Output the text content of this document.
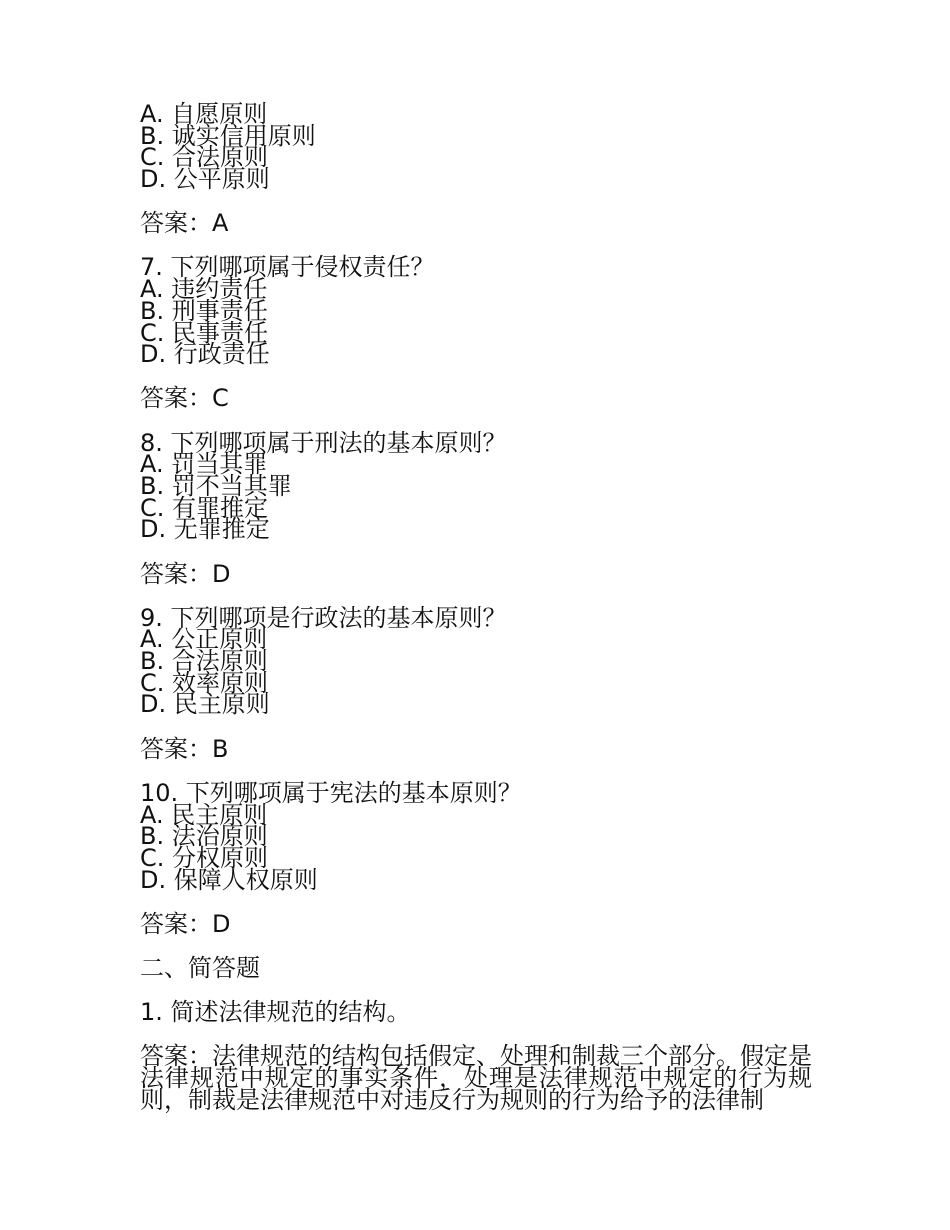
A. 自愿原则
B. 诚实信用原则
C. 合法原则
D. 公平原则
答案：A
7. 下列哪项属于侵权责任？
A. 违约责任
B. 刑事责任
C. 民事责任
D. 行政责任
答案：C
8. 下列哪项属于刑法的基本原则？
A. 罚当其罪
B. 罚不当其罪
C. 有罪推定
D. 无罪推定
答案：D
9. 下列哪项是行政法的基本原则？
A. 公正原则
B. 合法原则
C. 效率原则
D. 民主原则
答案：B
10. 下列哪项属于宪法的基本原则？
A. 民主原则
B. 法治原则
C. 分权原则
D. 保障人权原则
答案：D
二、简答题
1. 简述法律规范的结构。
答案：法律规范的结构包括假定、处理和制裁三个部分。假定是法律规范中规定的事实条件，处理是法律规范中规定的行为规则，制裁是法律规范中对违反行为规则的行为给予的法律制
